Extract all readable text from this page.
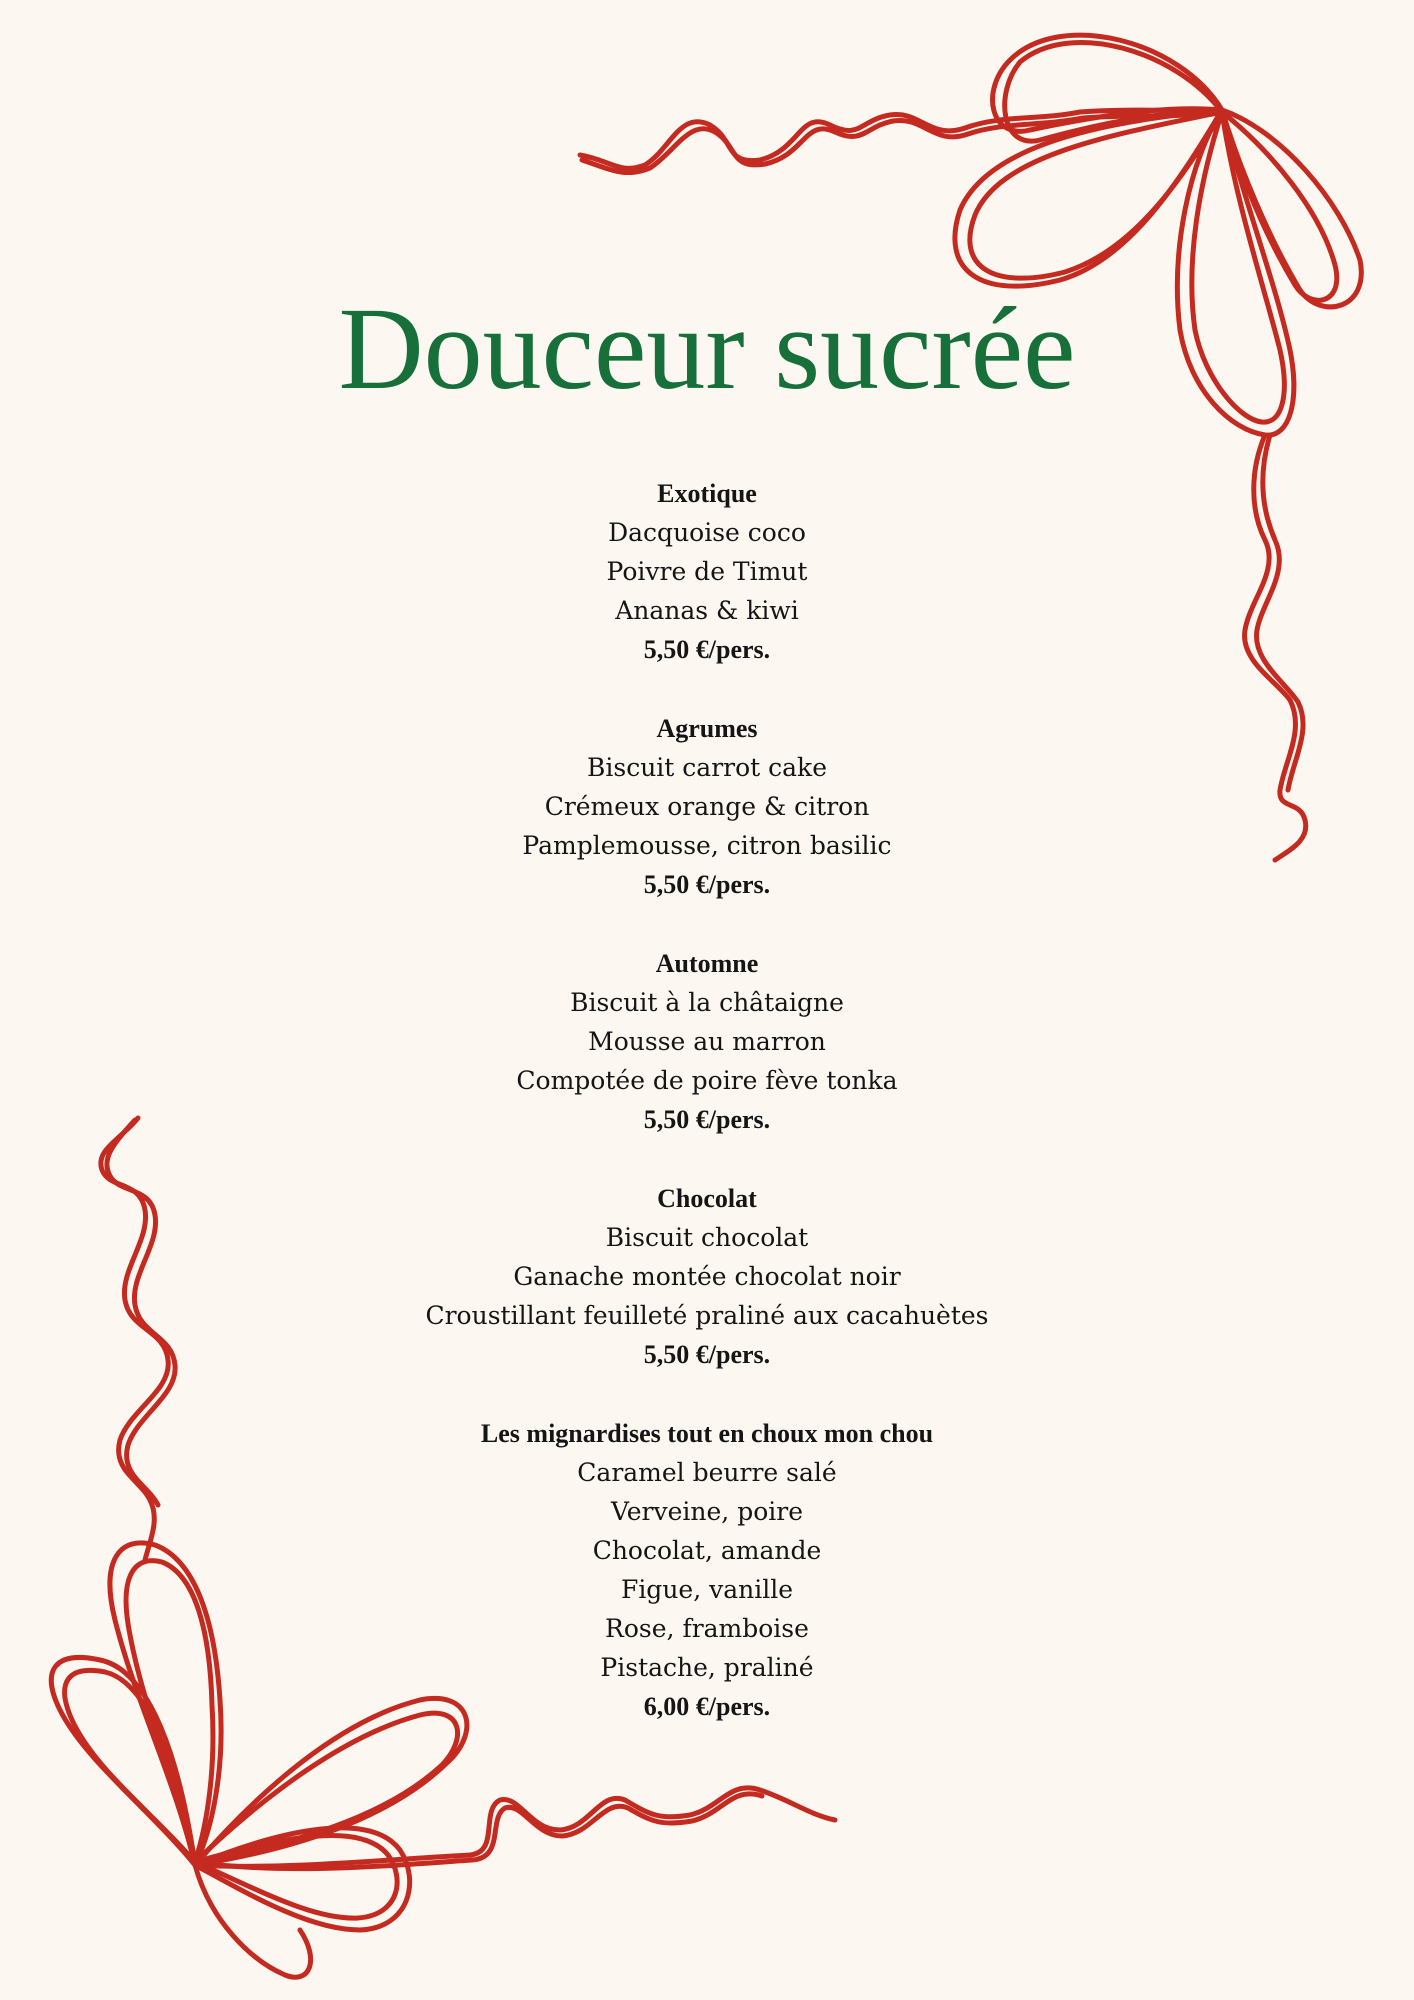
Douceur sucrée
Exotique
Dacquoise coco
Poivre de Timut
Ananas & kiwi
5,50 €/pers.
Agrumes
Biscuit carrot cake
Crémeux orange & citron
Pamplemousse, citron basilic
5,50 €/pers.
Automne
Biscuit à la châtaigne
Mousse au marron
Compotée de poire fève tonka
5,50 €/pers.
Chocolat
Biscuit chocolat
Ganache montée chocolat noir
Croustillant feuilleté praliné aux cacahuètes
5,50 €/pers.
Les mignardises tout en choux mon chou
Caramel beurre salé
Verveine, poire
Chocolat, amande
Figue, vanille
Rose, framboise
Pistache, praliné
6,00 €/pers.
